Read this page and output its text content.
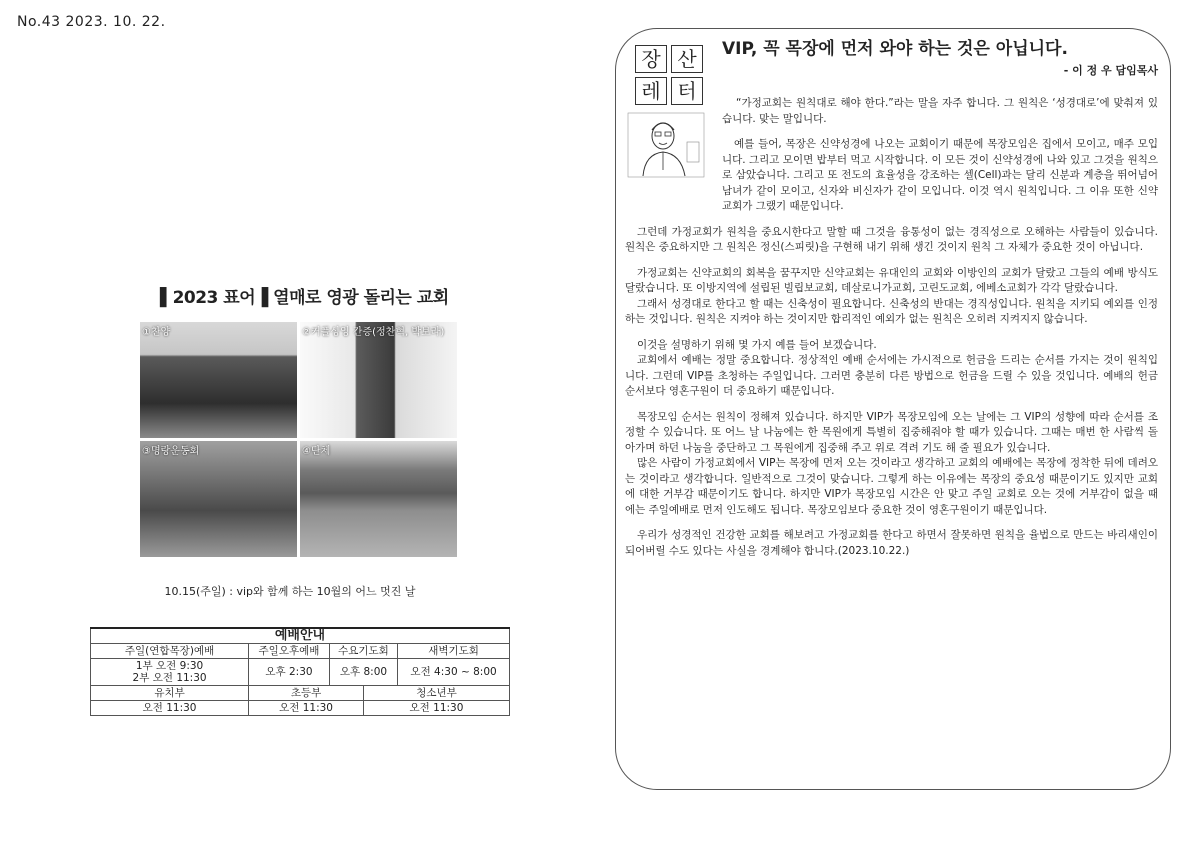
No.43 2023. 10. 22.
▌2023 표어▐ 열매로 영광 돌리는 교회
①찬양	②커플싱잉 간증(정찬혁, 박보라)
③명랑운동회	④단체
10.15(주일) : vip와 함께 하는 10월의 어느 멋진 날
예배안내				
주일(연합목장)예배	주일오후예배	수요기도회		새벽기도회

1부 오전 9:30
2부 오전 11:30	오후 2:30	오후 8:00		오전 4:30 ~ 8:00
유치부	초등부		청소년부	
오전 11:30	오전 11:30		오전 11:30	
장 산
레 터
VIP, 꼭 목장에 먼저 와야 하는 것은 아닙니다.
- 이 정 우 담임목사

“가정교회는 원칙대로 해야 한다.”라는 말을 자주 합니다. 그 원칙은 ‘성경대로’에 맞춰져 있습니다. 맞는 말입니다.

예를 들어, 목장은 신약성경에 나오는 교회이기 때문에 목장모임은 집에서 모이고, 매주 모입니다. 그리고 모이면 밥부터 먹고 시작합니다. 이 모든 것이 신약성경에 나와 있고 그것을 원칙으로 삼았습니다. 그리고 또 전도의 효율성을 강조하는 셀(Cell)과는 달리 신분과 계층을 뛰어넘어 남녀가 같이 모이고, 신자와 비신자가 같이 모입니다. 이것 역시 원칙입니다. 그 이유 또한 신약교회가 그랬기 때문입니다.

그런데 가정교회가 원칙을 중요시한다고 말할 때 그것을 융통성이 없는 경직성으로 오해하는 사람들이 있습니다. 원칙은 중요하지만 그 원칙은 정신(스피릿)을 구현해 내기 위해 생긴 것이지 원칙 그 자체가 중요한 것이 아닙니다.

가정교회는 신약교회의 회복을 꿈꾸지만 신약교회는 유대인의 교회와 이방인의 교회가 달랐고 그들의 예배 방식도 달랐습니다. 또 이방지역에 설립된 빌립보교회, 데살로니가교회, 고린도교회, 에베소교회가 각각 달랐습니다.

그래서 성경대로 한다고 할 때는 신축성이 필요합니다. 신축성의 반대는 경직성입니다. 원칙을 지키되 예외를 인정하는 것입니다. 원칙은 지켜야 하는 것이지만 합리적인 예외가 없는 원칙은 오히려 지켜지지 않습니다.

이것을 설명하기 위해 몇 가지 예를 들어 보겠습니다.

교회에서 예배는 정말 중요합니다. 정상적인 예배 순서에는 가시적으로 헌금을 드리는 순서를 가지는 것이 원칙입니다. 그런데 VIP를 초청하는 주일입니다. 그러면 충분히 다른 방법으로 헌금을 드릴 수 있을 것입니다. 예배의 헌금순서보다 영혼구원이 더 중요하기 때문입니다.

목장모임 순서는 원칙이 정해져 있습니다. 하지만 VIP가 목장모임에 오는 날에는 그 VIP의 성향에 따라 순서를 조정할 수 있습니다. 또 어느 날 나눔에는 한 목원에게 특별히 집중해줘야 할 때가 있습니다. 그때는 매번 한 사람씩 돌아가며 하던 나눔을 중단하고 그 목원에게 집중해 주고 위로 격려 기도 해 줄 필요가 있습니다.

많은 사람이 가정교회에서 VIP는 목장에 먼저 오는 것이라고 생각하고 교회의 예배에는 목장에 정착한 뒤에 데려오는 것이라고 생각합니다. 일반적으로 그것이 맞습니다. 그렇게 하는 이유에는 목장의 중요성 때문이기도 있지만 교회에 대한 거부감 때문이기도 합니다. 하지만 VIP가 목장모임 시간은 안 맞고 주일 교회로 오는 것에 거부감이 없을 때에는 주일예배로 먼저 인도해도 됩니다. 목장모임보다 중요한 것이 영혼구원이기 때문입니다.

우리가 성경적인 건강한 교회를 해보려고 가정교회를 한다고 하면서 잘못하면 원칙을 율법으로 만드는 바리새인이 되어버릴 수도 있다는 사실을 경계해야 합니다.(2023.10.22.)
